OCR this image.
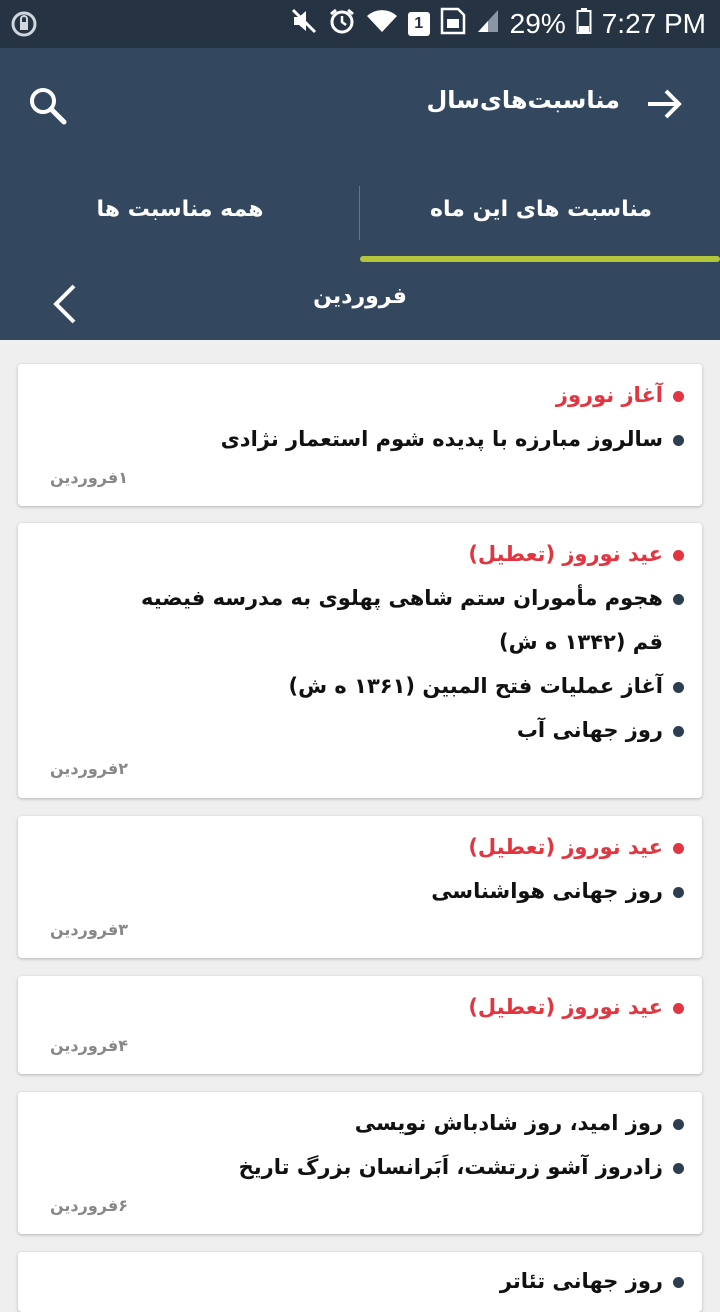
1	29% 7:27 PM
مناسبت‌های‌سال
همه مناسبت ها	مناسبت های این ماه
فروردین
آغاز نوروز
سالروز مبارزه با پدیده شوم استعمار نژادی
۱فروردین
عید نوروز (تعطیل)
هجوم مأموران ستم شاهی پهلوی به مدرسه فیضیه
قم (۱۳۴۲ ه ش)
آغاز عملیات فتح المبین (۱۳۶۱ ه ش)
روز جهانی آب
۲فروردین
عید نوروز (تعطیل)
روز جهانی هواشناسی
۳فروردین
عید نوروز (تعطیل)
۴فروردین
روز امید، روز شادباش نویسی
زادروز آشو زرتشت، اَبَرانسان بزرگ تاریخ
۶فروردین
روز جهانی تئاتر
